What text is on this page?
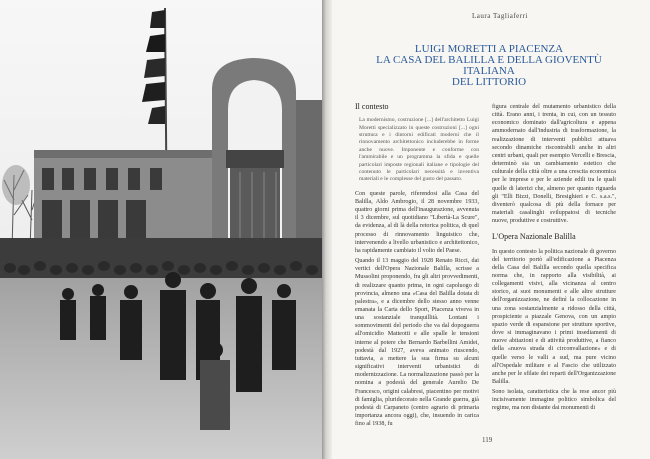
Laura Tagliaferri
LUIGI MORETTI A PIACENZA
LA CASA DEL BALILLA E DELLA GIOVENTÙ ITALIANA
DEL LITTORIO
Il contesto

La modernismo, costruzione [...] dell'architetto Luigi Moretti specializzato in queste costruzioni [...] ogni struttura e i dintorni edificati moderni che il rinnovamento architettonico includerebbe in forme anche nuove. Imponente e conforme con l'ammirabile e un programma la sfida e quelle particolari imposte regionali italiane e tipologie del contenuto le particolari necessità e inventiva materiali e le complesse del gusto del passato.

Con queste parole, riferendosi alla Casa del Balilla, Aldo Ambrogio, il 28 novembre 1933, quattro giorni prima dell'inaugurazione, avvenuta il 3 dicembre, sul quotidiano "Libertà-La Scure", da evidenza, al di là della retorica politica, di quel processo di rinnovamento linguistico che, intervenendo a livello urbanistico e architettonico, ha rapidamente cambiato il volto del Paese.

Quando il 13 maggio del 1928 Renato Ricci, dai vertici dell'Opera Nazionale Balilla, scrisse a Mussolini proponendo, fra gli altri provvedimenti, di realizzare quanto prima, in ogni capoluogo di provincia, almeno una «Casa del Balilla dotata di palestra», e a dicembre dello stesso anno venne emanata la Carta dello Sport, Piacenza viveva in una sostanziale tranquillità. Lontani i sommovimenti del periodo che va dal dopoguerra all'omicidio Matteotti e alle spalle le tensioni interne al potere che Bernardo Barbellini Amidei, podestà dal 1927, aveva animato riuscendo, tuttavia, a mettere la sua firma su alcuni significativi interventi urbanistici di modernizzazione. La normalizzazione passò per la nomina a podestà del generale Aurelio De Francesco, origini calabresi, piacentino per motivi di famiglia, pluridecorato nella Grande guerra, già podestà di Carpaneto (centro agrario di primaria importanza ancora oggi), che, insuendo in carica fino al 1938, fu

figura centrale del mutamento urbanistico della città. Erano anni, i trenta, in cui, con un tessuto economico dominato dall'agricoltura e appena ammodernato dall'industria di trasformazione, la realizzazione di interventi pubblici attuava secondo dinamiche riscontrabili anche in altri centri urbani, quali per esempio Vercelli e Brescia, determinò sia un cambiamento estetico che culturale della città oltre a una crescita economica per le imprese e per le aziende edili tra le quali quelle di laterizi che, almeno per quanto riguarda gli "Elli Bizzi, Donelli, Bresighieri e C. s.a.s.", diventerò qualcosa di più della fornace per materiali casalinghi sviluppatosi di tecniche nuove, produttive e costruttive.

L'Opera Nazionale Balilla

In questo contesto la politica nazionale di governo del territorio portò all'edificazione a Piacenza della Casa del Balilla secondo quella specifica norma che, in rapporto alla visibilità, ai collegamenti visivi, alla vicinanza al centro storico, ai suoi monumenti e alle altre strutture dell'organizzazione, ne definì la collocazione in una zona sostanzialmente a ridosso della città, prospiciente a piazzale Genova, con un ampio spazio verde di espansione per strutture sportive, dove si immaginavano i primi insediamenti di nuove abitazioni e di attività produttive, a fianco della «nuova strada di circonvallazione» e di quelle verso le valli a sud, ma pure vicino all'Ospedale militare e al Fascio che utilizzato anche per le sfilate dei reparti dell'Organizzazione Balilla.

Sono isolata, caratteristica che la rese ancor più incisivamente immagine politico simbolica del regime, ma non distante dai monumenti di

119
